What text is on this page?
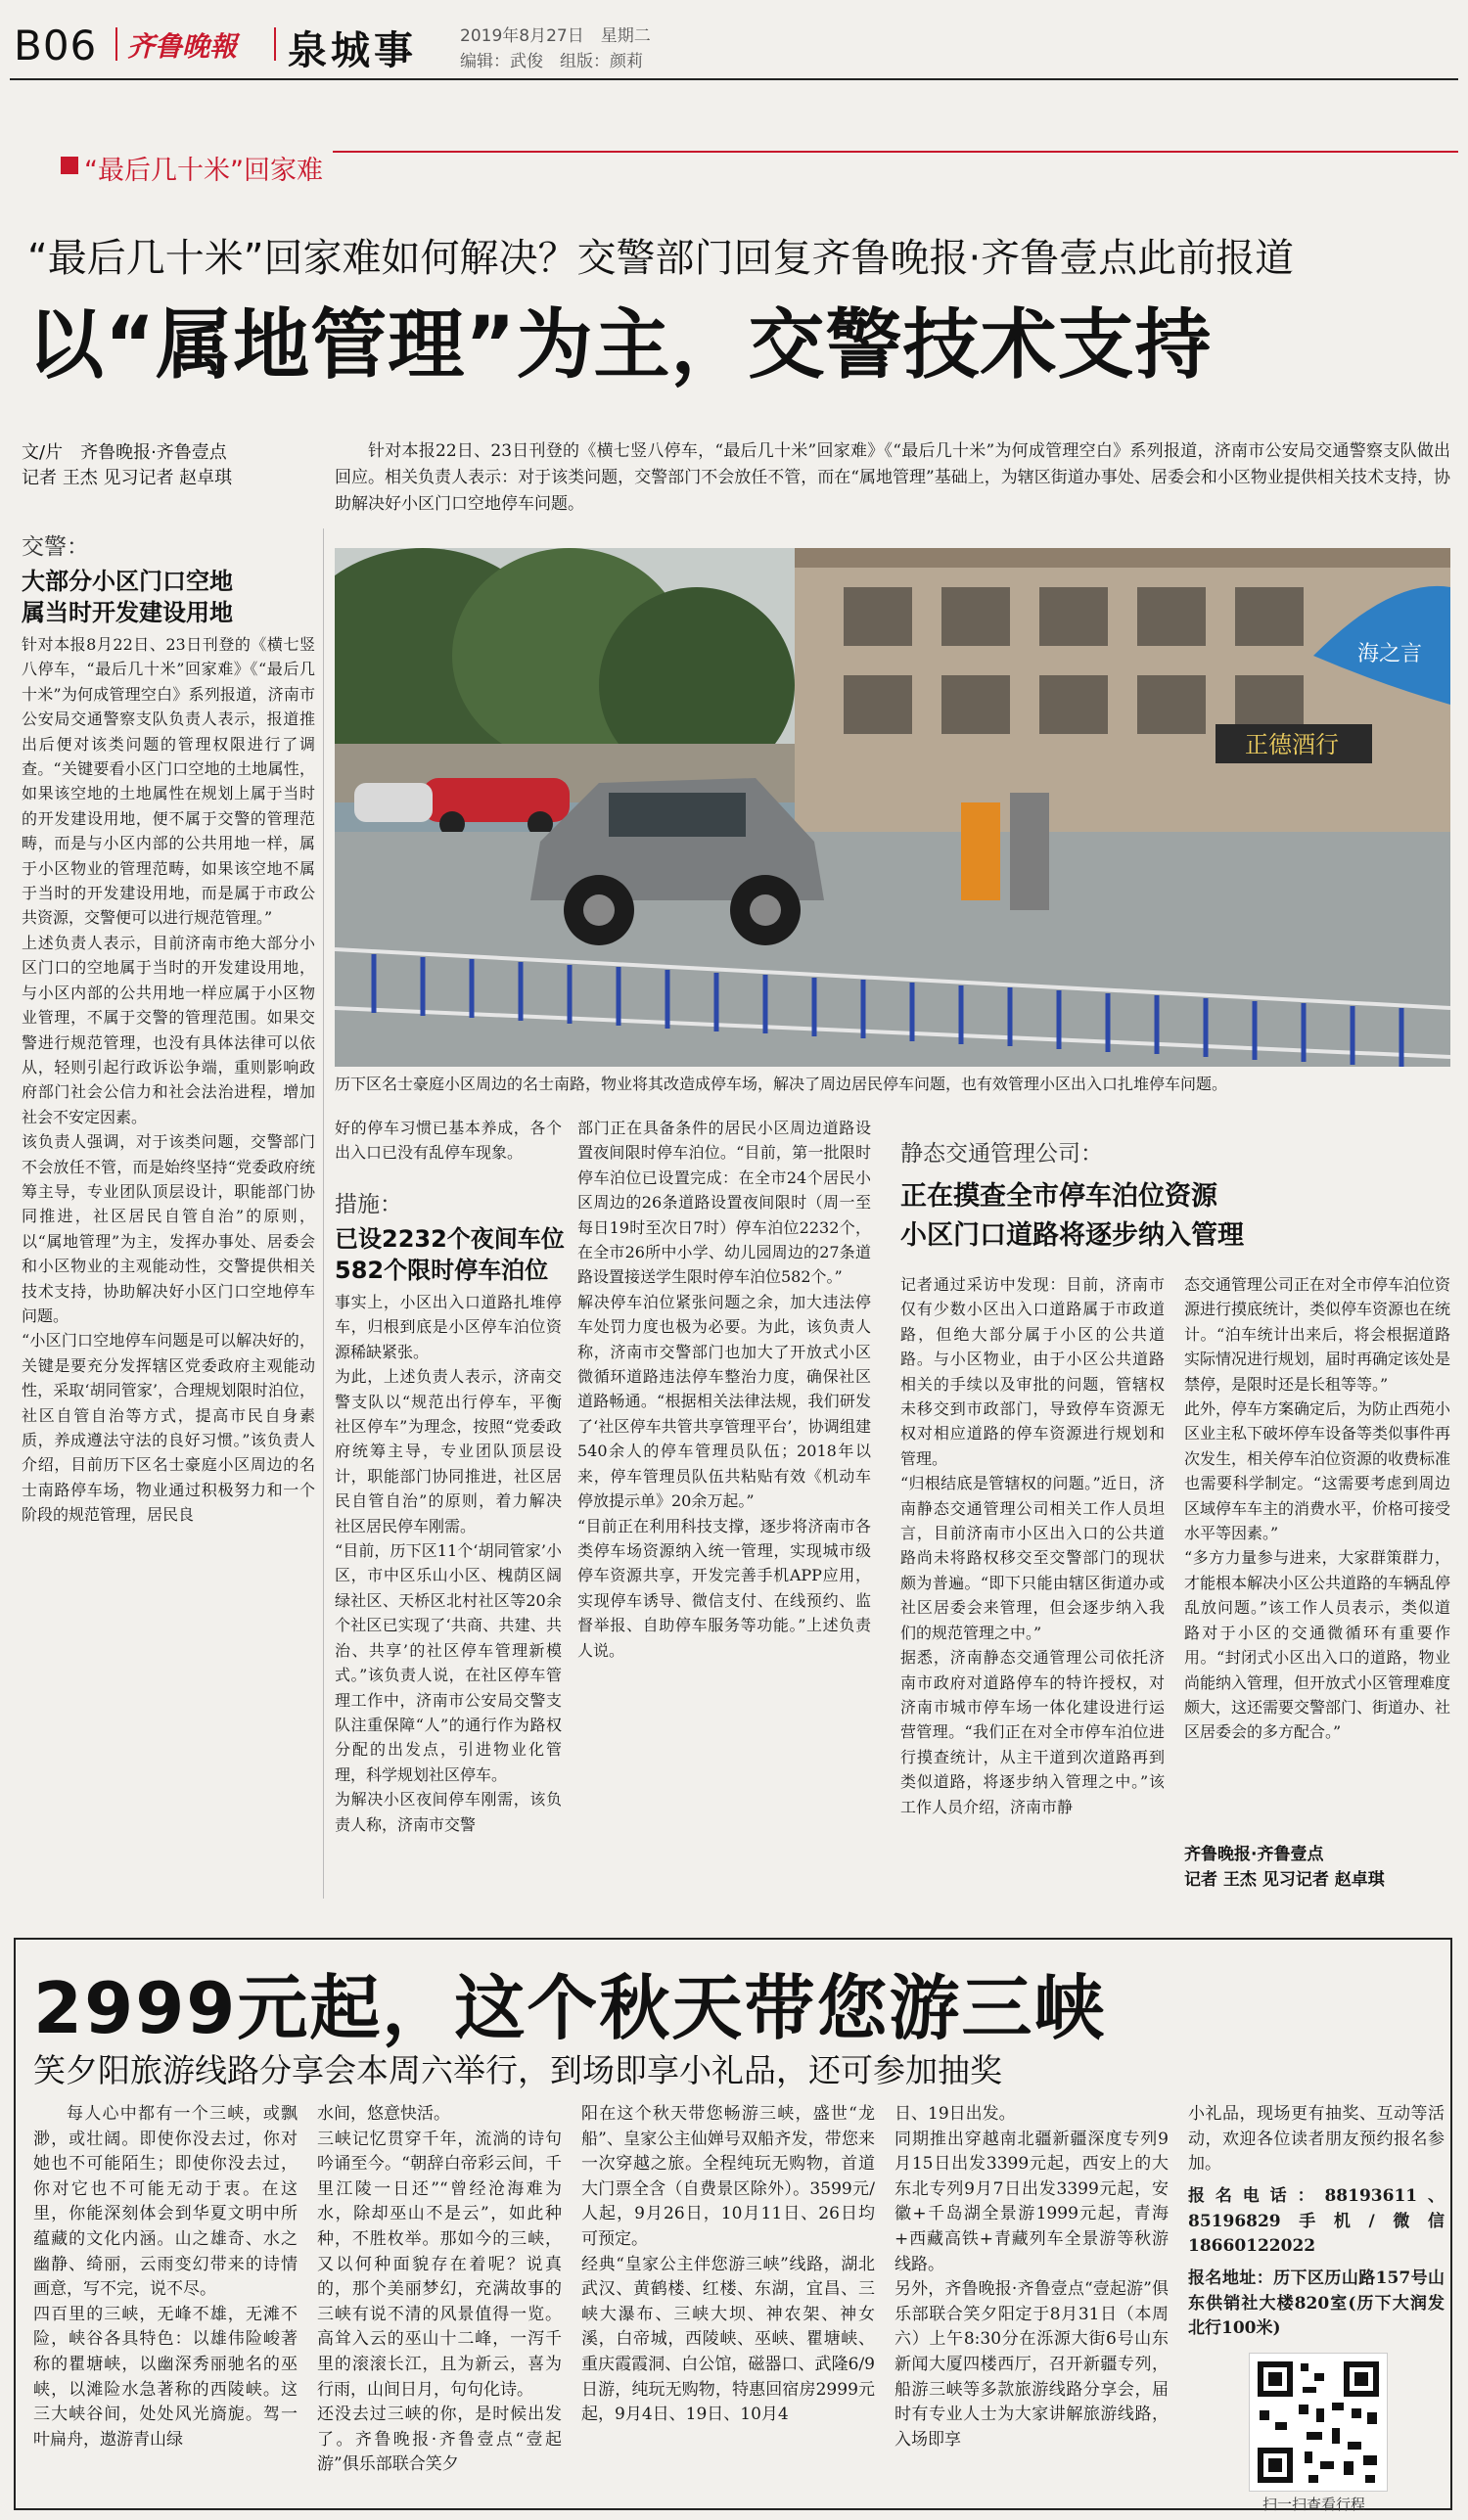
B06 齐鲁晚報 泉城事	2019年8月27日　星期二
编辑：武俊　组版：颜莉
“最后几十米”回家难
“最后几十米”回家难如何解决？交警部门回复齐鲁晚报·齐鲁壹点此前报道
以“属地管理”为主，交警技术支持
文/片　齐鲁晚报·齐鲁壹点
记者 王杰 见习记者 赵卓琪
针对本报22日、23日刊登的《横七竖八停车，“最后几十米”回家难》《“最后几十米”为何成管理空白》系列报道，济南市公安局交通警察支队做出回应。相关负责人表示：对于该类问题，交警部门不会放任不管，而在“属地管理”基础上，为辖区街道办事处、居委会和小区物业提供相关技术支持，协助解决好小区门口空地停车问题。
正德酒行
海之言
历下区名士豪庭小区周边的名士南路，物业将其改造成停车场，解决了周边居民停车问题，也有效管理小区出入口扎堆停车问题。
交警：
大部分小区门口空地
属当时开发建设用地
针对本报8月22日、23日刊登的《横七竖八停车，“最后几十米”回家难》《“最后几十米”为何成管理空白》系列报道，济南市公安局交通警察支队负责人表示，报道推出后便对该类问题的管理权限进行了调查。“关键要看小区门口空地的土地属性，如果该空地的土地属性在规划上属于当时的开发建设用地，便不属于交警的管理范畴，而是与小区内部的公共用地一样，属于小区物业的管理范畴，如果该空地不属于当时的开发建设用地，而是属于市政公共资源，交警便可以进行规范管理。”
上述负责人表示，目前济南市绝大部分小区门口的空地属于当时的开发建设用地，与小区内部的公共用地一样应属于小区物业管理，不属于交警的管理范围。如果交警进行规范管理，也没有具体法律可以依从，轻则引起行政诉讼争端，重则影响政府部门社会公信力和社会法治进程，增加社会不安定因素。
该负责人强调，对于该类问题，交警部门不会放任不管，而是始终坚持“党委政府统筹主导，专业团队顶层设计，职能部门协同推进，社区居民自管自治”的原则，以“属地管理”为主，发挥办事处、居委会和小区物业的主观能动性，交警提供相关技术支持，协助解决好小区门口空地停车问题。
“小区门口空地停车问题是可以解决好的，关键是要充分发挥辖区党委政府主观能动性，采取‘胡同管家’，合理规划限时泊位，社区自管自治等方式，提高市民自身素质，养成遵法守法的良好习惯。”该负责人介绍，目前历下区名士豪庭小区周边的名士南路停车场，物业通过积极努力和一个阶段的规范管理，居民良
好的停车习惯已基本养成，各个出入口已没有乱停车现象。
措施：
已设2232个夜间车位
582个限时停车泊位
事实上，小区出入口道路扎堆停车，归根到底是小区停车泊位资源稀缺紧张。
为此，上述负责人表示，济南交警支队以“规范出行停车，平衡社区停车”为理念，按照“党委政府统筹主导，专业团队顶层设计，职能部门协同推进，社区居民自管自治”的原则，着力解决社区居民停车刚需。
“目前，历下区11个‘胡同管家’小区，市中区乐山小区、槐荫区阔绿社区、天桥区北村社区等20余个社区已实现了‘共商、共建、共治、共享’的社区停车管理新模式。”该负责人说，在社区停车管理工作中，济南市公安局交警支队注重保障“人”的通行作为路权分配的出发点，引进物业化管理，科学规划社区停车。
为解决小区夜间停车刚需，该负责人称，济南市交警
部门正在具备条件的居民小区周边道路设置夜间限时停车泊位。“目前，第一批限时停车泊位已设置完成：在全市24个居民小区周边的26条道路设置夜间限时（周一至每日19时至次日7时）停车泊位2232个，在全市26所中小学、幼儿园周边的27条道路设置接送学生限时停车泊位582个。”
解决停车泊位紧张问题之余，加大违法停车处罚力度也极为必要。为此，该负责人称，济南市交警部门也加大了开放式小区微循环道路违法停车整治力度，确保社区道路畅通。“根据相关法律法规，我们研发了‘社区停车共管共享管理平台’，协调组建540余人的停车管理员队伍；2018年以来，停车管理员队伍共粘贴有效《机动车停放提示单》20余万起。”
“目前正在利用科技支撑，逐步将济南市各类停车场资源纳入统一管理，实现城市级停车资源共享，开发完善手机APP应用，实现停车诱导、微信支付、在线预约、监督举报、自助停车服务等功能。”上述负责人说。
静态交通管理公司：
正在摸查全市停车泊位资源
小区门口道路将逐步纳入管理
记者通过采访中发现：目前，济南市仅有少数小区出入口道路属于市政道路，但绝大部分属于小区的公共道路。与小区物业，由于小区公共道路相关的手续以及审批的问题，管辖权未移交到市政部门，导致停车资源无权对相应道路的停车资源进行规划和管理。
“归根结底是管辖权的问题。”近日，济南静态交通管理公司相关工作人员坦言，目前济南市小区出入口的公共道路尚未将路权移交至交警部门的现状颇为普遍。“即下只能由辖区街道办或社区居委会来管理，但会逐步纳入我们的规范管理之中。”
据悉，济南静态交通管理公司依托济南市政府对道路停车的特许授权，对济南市城市停车场一体化建设进行运营管理。“我们正在对全市停车泊位进行摸查统计，从主干道到次道路再到类似道路，将逐步纳入管理之中。”该工作人员介绍，济南市静
态交通管理公司正在对全市停车泊位资源进行摸底统计，类似停车资源也在统计。“泊车统计出来后，将会根据道路实际情况进行规划，届时再确定该处是禁停，是限时还是长租等等。”
此外，停车方案确定后，为防止西苑小区业主私下破坏停车设备等类似事件再次发生，相关停车泊位资源的收费标准也需要科学制定。“这需要考虑到周边区域停车车主的消费水平，价格可接受水平等因素。”
“多方力量参与进来，大家群策群力，才能根本解决小区公共道路的车辆乱停乱放问题。”该工作人员表示，类似道路对于小区的交通微循环有重要作用。“封闭式小区出入口的道路，物业尚能纳入管理，但开放式小区管理难度颇大，这还需要交警部门、街道办、社区居委会的多方配合。”
齐鲁晚报·齐鲁壹点
记者 王杰 见习记者 赵卓琪
2999元起，这个秋天带您游三峡
笑夕阳旅游线路分享会本周六举行，到场即享小礼品，还可参加抽奖
每人心中都有一个三峡，或飘渺，或壮阔。即使你没去过，你对她也不可能陌生；即使你没去过，你对它也不可能无动于衷。在这里，你能深刻体会到华夏文明中所蕴藏的文化内涵。山之雄奇、水之幽静、绮丽，云雨变幻带来的诗情画意，写不完，说不尽。
四百里的三峡，无峰不雄，无滩不险，峡谷各具特色：以雄伟险峻著称的瞿塘峡，以幽深秀丽驰名的巫峡，以滩险水急著称的西陵峡。这三大峡谷间，处处风光旖旎。驾一叶扁舟，遨游青山绿
水间，悠意快活。
三峡记忆贯穿千年，流淌的诗句吟诵至今。“朝辞白帝彩云间，千里江陵一日还”“曾经沧海难为水，除却巫山不是云”，如此种种，不胜枚举。那如今的三峡，又以何种面貌存在着呢？说真的，那个美丽梦幻，充满故事的三峡有说不清的风景值得一览。高耸入云的巫山十二峰，一泻千里的滚滚长江，且为新云，喜为行雨，山间日月，句句化诗。
还没去过三峡的你，是时候出发了。齐鲁晚报·齐鲁壹点“壹起游”俱乐部联合笑夕
阳在这个秋天带您畅游三峡，盛世“龙船”、皇家公主仙婵号双船齐发，带您来一次穿越之旅。全程纯玩无购物，首道大门票全含（自费景区除外）。3599元/人起，9月26日，10月11日、26日均可预定。
经典“皇家公主伴您游三峡”线路，湖北武汉、黄鹤楼、红楼、东湖，宜昌、三峡大瀑布、三峡大坝、神农架、神女溪，白帝城，西陵峡、巫峡、瞿塘峡、重庆霞霞洞、白公馆，磁器口、武隆6/9日游，纯玩无购物，特惠回宿房2999元起，9月4日、19日、10月4
日、19日出发。
同期推出穿越南北疆新疆深度专列9月15日出发3399元起，西安上的大东北专列9月7日出发3399元起，安徽+千岛湖全景游1999元起，青海+西藏高铁+青藏列车全景游等秋游线路。
另外，齐鲁晚报·齐鲁壹点“壹起游”俱乐部联合笑夕阳定于8月31日（本周六）上午8:30分在泺源大街6号山东新闻大厦四楼西厅，召开新疆专列，船游三峡等多款旅游线路分享会，届时有专业人士为大家讲解旅游线路，入场即享
小礼品，现场更有抽奖、互动等活动，欢迎各位读者朋友预约报名参加。
报名电话：88193611、85196829手机/微信18660122022
报名地址：历下区历山路157号山东供销社大楼820室(历下大润发北行100米)
扫一扫查看行程
